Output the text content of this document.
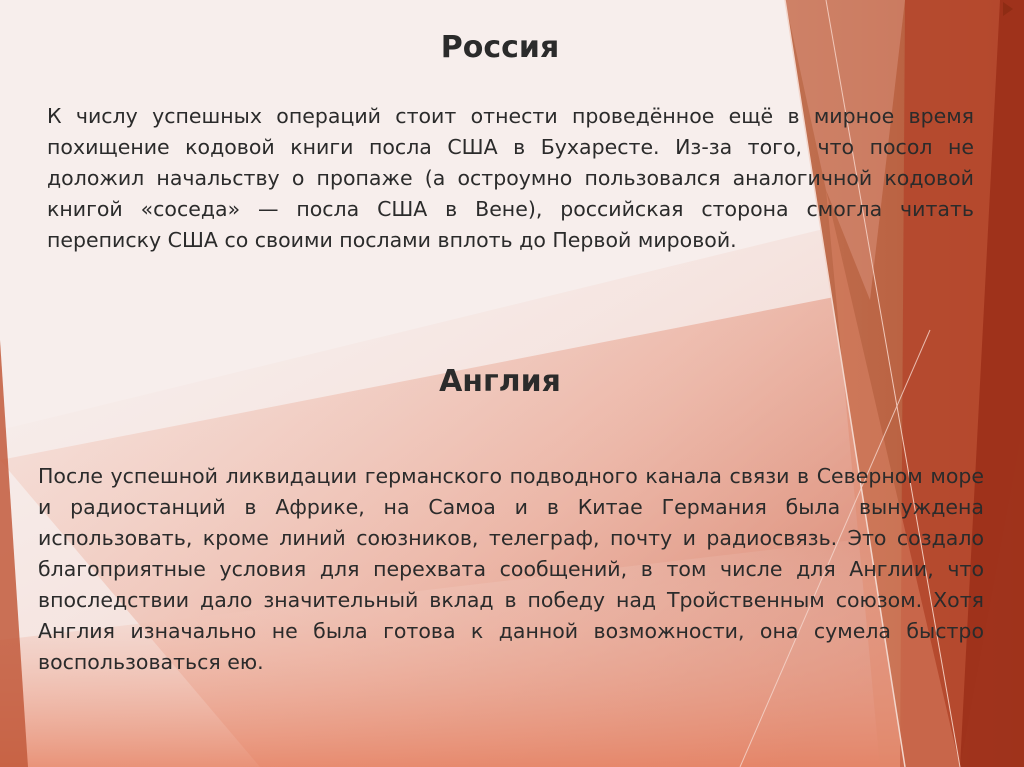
Россия

К числу успешных операций стоит отнести проведённое ещё в мирное время похищение кодовой книги посла США в Бухаресте. Из-за того, что посол не доложил начальству о пропаже (а остроумно пользовался аналогичной кодовой книгой «соседа» — посла США в Вене), российская сторона смогла читать переписку США со своими послами вплоть до Первой мировой.

Англия

После успешной ликвидации германского подводного канала связи в Северном море и радиостанций в Африке, на Самоа и в Китае Германия была вынуждена использовать, кроме линий союзников, телеграф, почту и радиосвязь. Это создало благоприятные условия для перехвата сообщений, в том числе для Англии, что впоследствии дало значительный вклад в победу над Тройственным союзом. Хотя Англия изначально не была готова к данной возможности, она сумела быстро воспользоваться ею.
